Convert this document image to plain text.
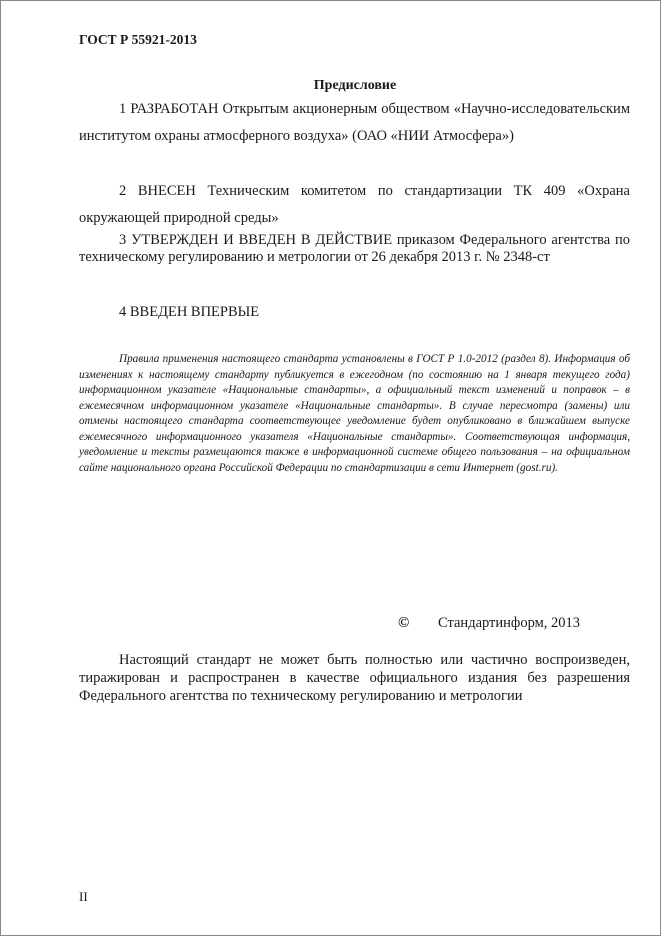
ГОСТ Р 55921-2013
Предисловие
1 РАЗРАБОТАН Открытым акционерным обществом «Научно-исследовательским институтом охраны атмосферного воздуха» (ОАО «НИИ Атмосфера»)
2 ВНЕСЕН Техническим комитетом по стандартизации ТК 409 «Охрана окружающей природной среды»
3 УТВЕРЖДЕН И ВВЕДЕН В ДЕЙСТВИЕ приказом Федерального агентства по техническому регулированию и метрологии от 26 декабря 2013 г. № 2348-ст
4 ВВЕДЕН ВПЕРВЫЕ
Правила применения настоящего стандарта установлены в ГОСТ Р 1.0-2012 (раздел 8). Информация об изменениях к настоящему стандарту публикуется в ежегодном (по состоянию на 1 января текущего года) информационном указателе «Национальные стандарты», а официальный текст изменений и поправок – в ежемесячном информационном указателе «Национальные стандарты». В случае пересмотра (замены) или отмены настоящего стандарта соответствующее уведомление будет опубликовано в ближайшем выпуске ежемесячного информационного указателя «Национальные стандарты». Соответствующая информация, уведомление и тексты размещаются также в информационной системе общего пользования – на официальном сайте национального органа Российской Федерации по стандартизации в сети Интернет (gost.ru).
© Стандартинформ, 2013
Настоящий стандарт не может быть полностью или частично воспроизведен, тиражирован и распространен в качестве официального издания без разрешения Федерального агентства по техническому регулированию и метрологии
II
